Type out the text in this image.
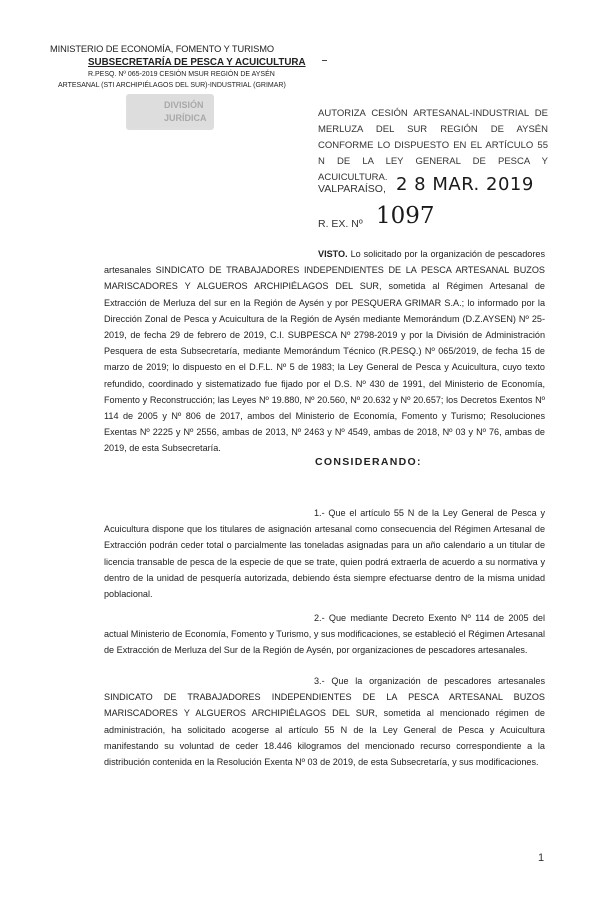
MINISTERIO DE ECONOMÍA, FOMENTO Y TURISMO
SUBSECRETARÍA DE PESCA Y ACUICULTURA
R.PESQ. Nº 065-2019 CESIÓN MSUR REGIÓN DE AYSÉN
ARTESANAL (STI ARCHIPIÉLAGOS DEL SUR)-INDUSTRIAL (GRIMAR)
DIVISIÓN
JURÍDICA	AUTORIZA CESIÓN ARTESANAL-INDUSTRIAL DE MERLUZA DEL SUR REGIÓN DE AYSÉN CONFORME LO DISPUESTO EN EL ARTÍCULO 55 N DE LA LEY GENERAL DE PESCA Y ACUICULTURA.
VALPARAÍSO, 2 8 MAR. 2019
R. EX. Nº 1097
VISTO. Lo solicitado por la organización de pescadores artesanales SINDICATO DE TRABAJADORES INDEPENDIENTES DE LA PESCA ARTESANAL BUZOS MARISCADORES Y ALGUEROS ARCHIPIÉLAGOS DEL SUR, sometida al Régimen Artesanal de Extracción de Merluza del sur en la Región de Aysén y por PESQUERA GRIMAR S.A.; lo informado por la Dirección Zonal de Pesca y Acuicultura de la Región de Aysén mediante Memorándum (D.Z.AYSEN) Nº 25-2019, de fecha 29 de febrero de 2019, C.I. SUBPESCA Nº 2798-2019 y por la División de Administración Pesquera de esta Subsecretaría, mediante Memorándum Técnico (R.PESQ.) Nº 065/2019, de fecha 15 de marzo de 2019; lo dispuesto en el D.F.L. Nº 5 de 1983; la Ley General de Pesca y Acuicultura, cuyo texto refundido, coordinado y sistematizado fue fijado por el D.S. Nº 430 de 1991, del Ministerio de Economía, Fomento y Reconstrucción; las Leyes Nº 19.880, Nº 20.560, Nº 20.632 y Nº 20.657; los Decretos Exentos Nº 114 de 2005 y Nº 806 de 2017, ambos del Ministerio de Economía, Fomento y Turismo; Resoluciones Exentas Nº 2225 y Nº 2556, ambas de 2013, Nº 2463 y Nº 4549, ambas de 2018, Nº 03 y Nº 76, ambas de 2019, de esta Subsecretaría.
CONSIDERANDO:
1.- Que el artículo 55 N de la Ley General de Pesca y Acuicultura dispone que los titulares de asignación artesanal como consecuencia del Régimen Artesanal de Extracción podrán ceder total o parcialmente las toneladas asignadas para un año calendario a un titular de licencia transable de pesca de la especie de que se trate, quien podrá extraerla de acuerdo a su normativa y dentro de la unidad de pesquería autorizada, debiendo ésta siempre efectuarse dentro de la misma unidad poblacional.
2.- Que mediante Decreto Exento Nº 114 de 2005 del actual Ministerio de Economía, Fomento y Turismo, y sus modificaciones, se estableció el Régimen Artesanal de Extracción de Merluza del Sur de la Región de Aysén, por organizaciones de pescadores artesanales.
3.- Que la organización de pescadores artesanales SINDICATO DE TRABAJADORES INDEPENDIENTES DE LA PESCA ARTESANAL BUZOS MARISCADORES Y ALGUEROS ARCHIPIÉLAGOS DEL SUR, sometida al mencionado régimen de administración, ha solicitado acogerse al artículo 55 N de la Ley General de Pesca y Acuicultura manifestando su voluntad de ceder 18.446 kilogramos del mencionado recurso correspondiente a la distribución contenida en la Resolución Exenta Nº 03 de 2019, de esta Subsecretaría, y sus modificaciones.
1
